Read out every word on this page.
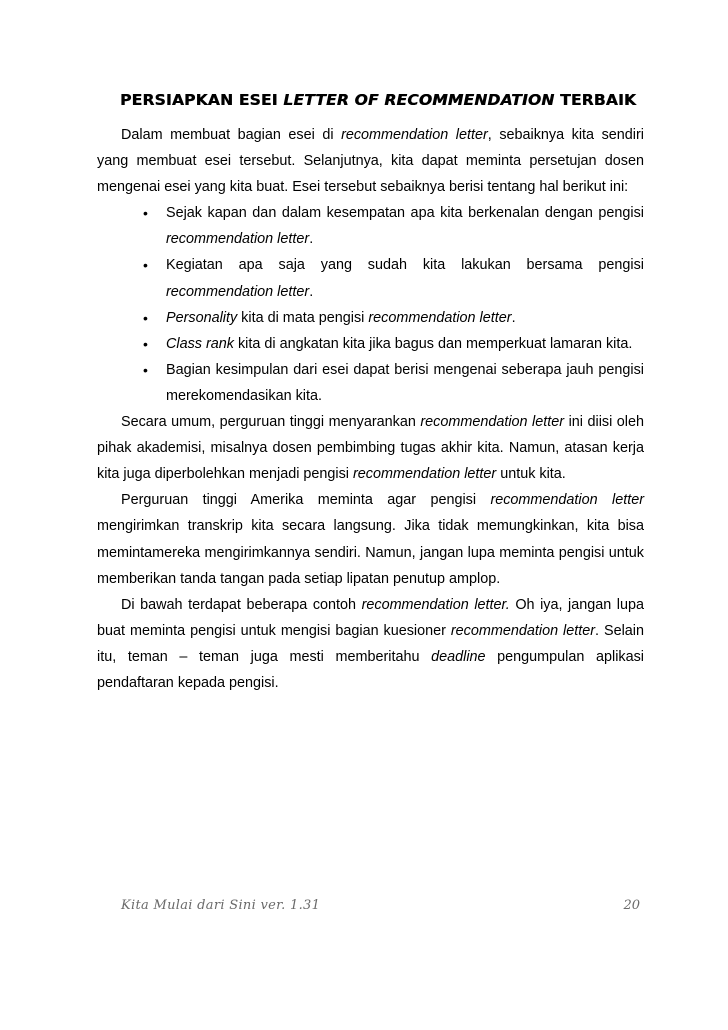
PERSIAPKAN ESEI LETTER OF RECOMMENDATION TERBAIK

Dalam membuat bagian esei di recommendation letter, sebaiknya kita sendiri yang membuat esei tersebut. Selanjutnya, kita dapat meminta persetujan dosen mengenai esei yang kita buat. Esei tersebut sebaiknya berisi tentang hal berikut ini:

• Sejak kapan dan dalam kesempatan apa kita berkenalan dengan pengisi recommendation letter.
• Kegiatan apa saja yang sudah kita lakukan bersama pengisi recommendation letter.
• Personality kita di mata pengisi recommendation letter.
• Class rank kita di angkatan kita jika bagus dan memperkuat lamaran kita.
• Bagian kesimpulan dari esei dapat berisi mengenai seberapa jauh pengisi merekomendasikan kita.

Secara umum, perguruan tinggi menyarankan recommendation letter ini diisi oleh pihak akademisi, misalnya dosen pembimbing tugas akhir kita. Namun, atasan kerja kita juga diperbolehkan menjadi pengisi recommendation letter untuk kita.

Perguruan tinggi Amerika meminta agar pengisi recommendation letter mengirimkan transkrip kita secara langsung. Jika tidak memungkinkan, kita bisa memintamereka mengirimkannya sendiri. Namun, jangan lupa meminta pengisi untuk memberikan tanda tangan pada setiap lipatan penutup amplop.

Di bawah terdapat beberapa contoh recommendation letter. Oh iya, jangan lupa buat meminta pengisi untuk mengisi bagian kuesioner recommendation letter. Selain itu, teman – teman juga mesti memberitahu deadline pengumpulan aplikasi pendaftaran kepada pengisi.

Kita Mulai dari Sini ver. 1.31	20
